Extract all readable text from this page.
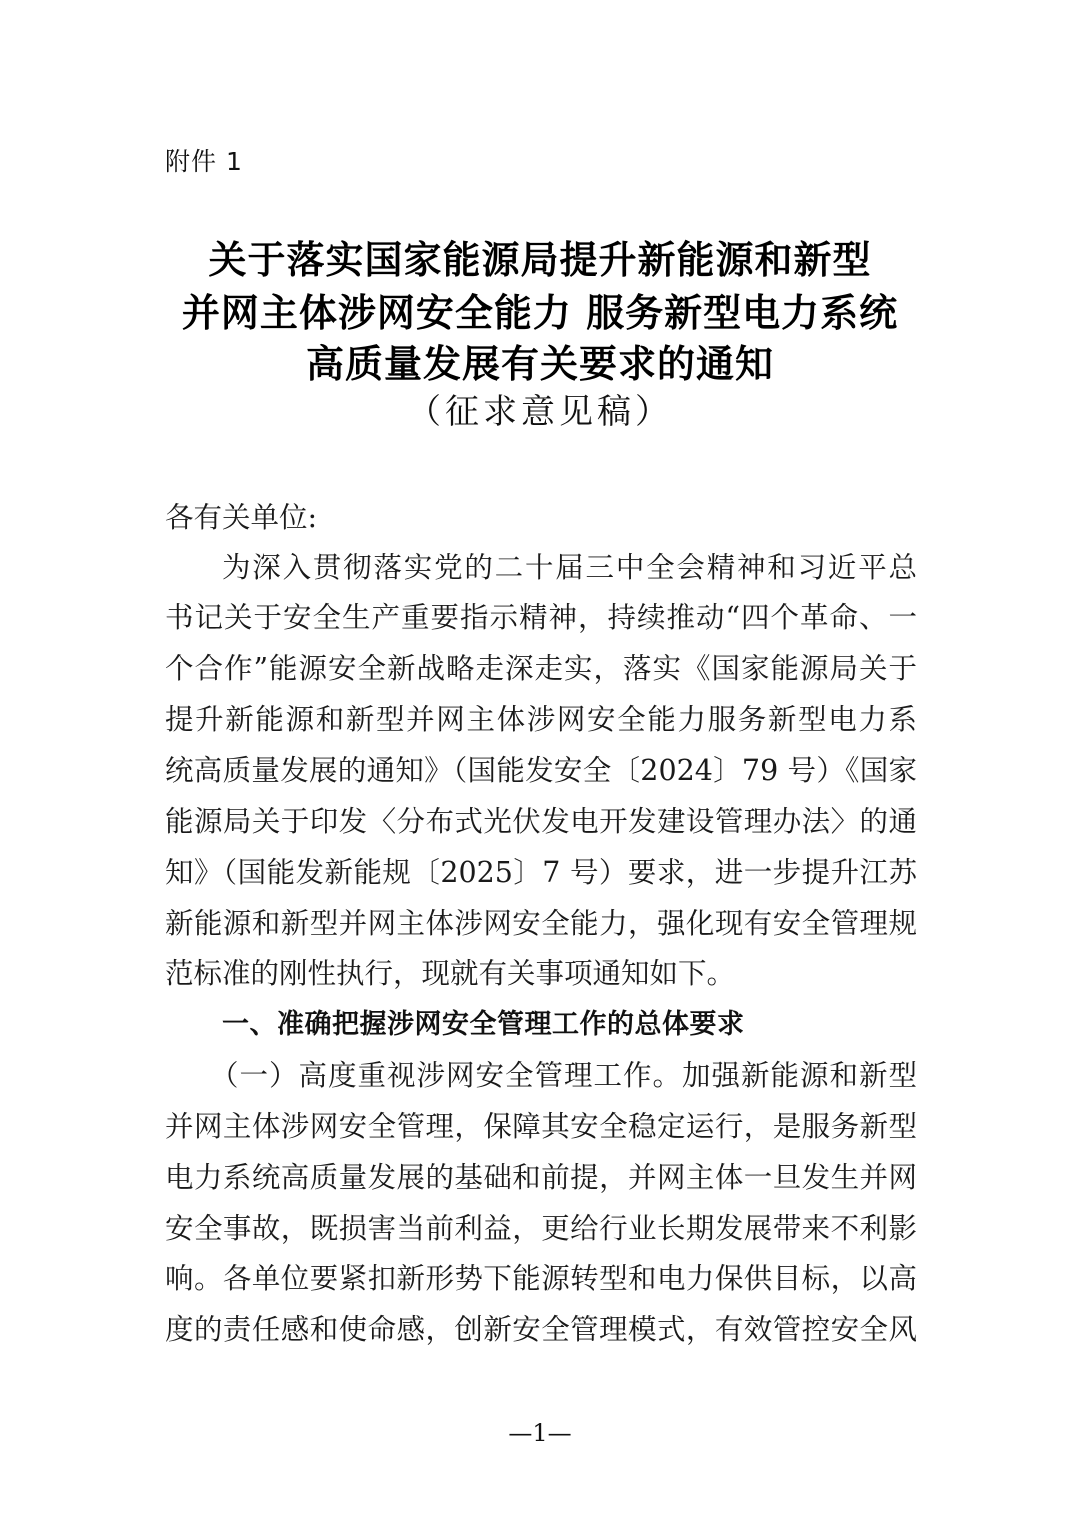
附件 1
关于落实国家能源局提升新能源和新型
并网主体涉网安全能力 服务新型电力系统
高质量发展有关要求的通知
（征求意见稿）
各有关单位:
为深入贯彻落实党的二十届三中全会精神和习近平总
书记关于安全生产重要指示精神，持续推动“四个革命、一
个合作”能源安全新战略走深走实，落实《国家能源局关于
提升新能源和新型并网主体涉网安全能力服务新型电力系
统高质量发展的通知》（国能发安全〔2024〕79 号）《国家
能源局关于印发〈分布式光伏发电开发建设管理办法〉的通
知》（国能发新能规〔2025〕7 号）要求，进一步提升江苏
新能源和新型并网主体涉网安全能力，强化现有安全管理规
范标准的刚性执行，现就有关事项通知如下。
一、准确把握涉网安全管理工作的总体要求
（一）高度重视涉网安全管理工作。加强新能源和新型
并网主体涉网安全管理，保障其安全稳定运行，是服务新型
电力系统高质量发展的基础和前提，并网主体一旦发生并网
安全事故，既损害当前利益，更给行业长期发展带来不利影
响。各单位要紧扣新形势下能源转型和电力保供目标，以高
度的责任感和使命感，创新安全管理模式，有效管控安全风
—1—
